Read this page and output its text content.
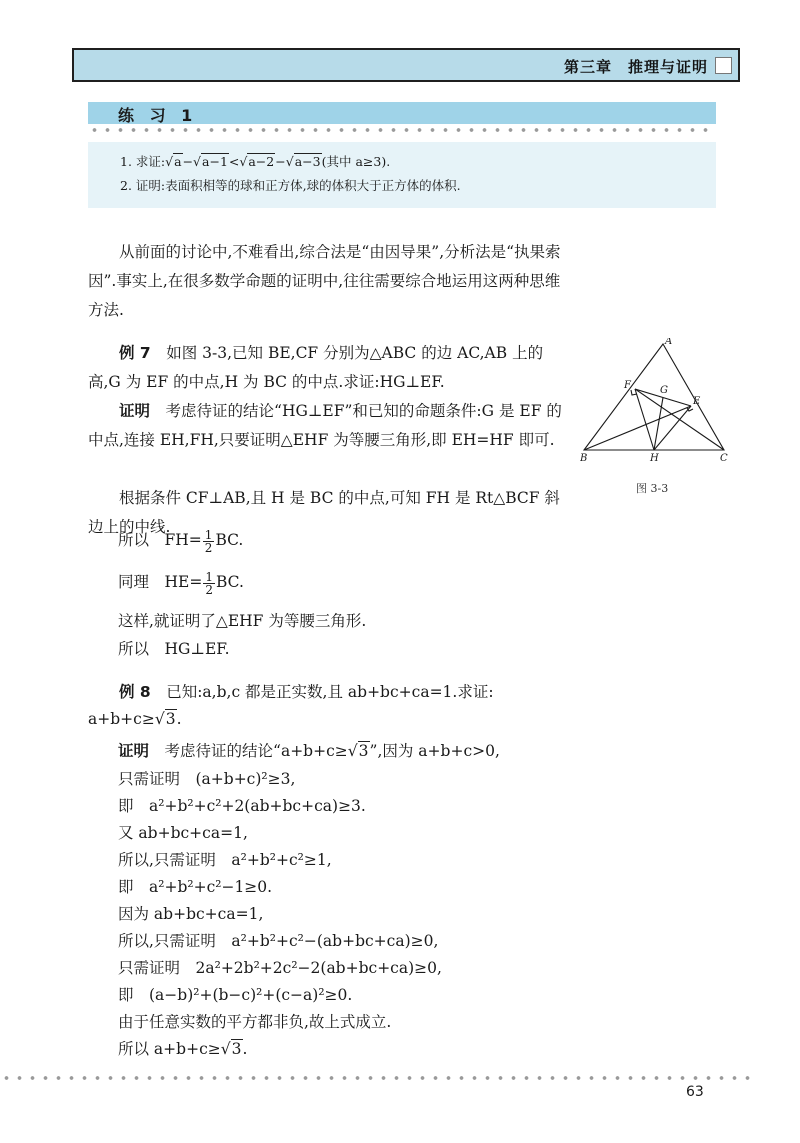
第三章　 推理与证明
练 习 1
1. 求证:√a−√a−1<√a−2−√a−3(其中 a≥3).
2. 证明:表面积相等的球和正方体,球的体积大于正方体的体积.
从前面的讨论中,不难看出,综合法是“由因导果”,分析法是“执果索因”.事实上,在很多数学命题的证明中,往往需要综合地运用这两种思维方法.
例 7　 如图 3-3,已知 BE,CF 分别为△ABC 的边 AC,AB 上的高,G 为 EF 的中点,H 为 BC 的中点.求证:HG⊥EF.
证明　 考虑待证的结论“HG⊥EF”和已知的命题条件:G 是 EF 的中点,连接 EH,FH,只要证明△EHF 为等腰三角形,即 EH=HF 即可.
根据条件 CF⊥AB,且 H 是 BC 的中点,可知 FH 是 Rt△BCF 斜边上的中线.
所以　 $FH= \frac{1}{2}$ BC.
同理　 $HE= \frac{1}{2}$ BC.
这样,就证明了△EHF 为等腰三角形.
所以　HG⊥EF.
A
F	G
E
B	H	C
图 3-3
例 8　 已知:a,b,c 都是正实数,且 ab+bc+ca=1.求证:
a+b+c≥√3.
证明　 考虑待证的结论“a+b+c≥√3”,因为 a+b+c>0,
只需证明　(a+b+c)²≥3,
即　a²+b²+c²+2(ab+bc+ca)≥3.
又 ab+bc+ca=1,
所以,只需证明　a²+b²+c²≥1,
即　a²+b²+c²−1≥0.
因为 ab+bc+ca=1,
所以,只需证明　a²+b²+c²−(ab+bc+ca)≥0,
只需证明　2a²+2b²+2c²−2(ab+bc+ca)≥0,
即　(a−b)²+(b−c)²+(c−a)²≥0.
由于任意实数的平方都非负,故上式成立.
所以 a+b+c≥√3.
63
